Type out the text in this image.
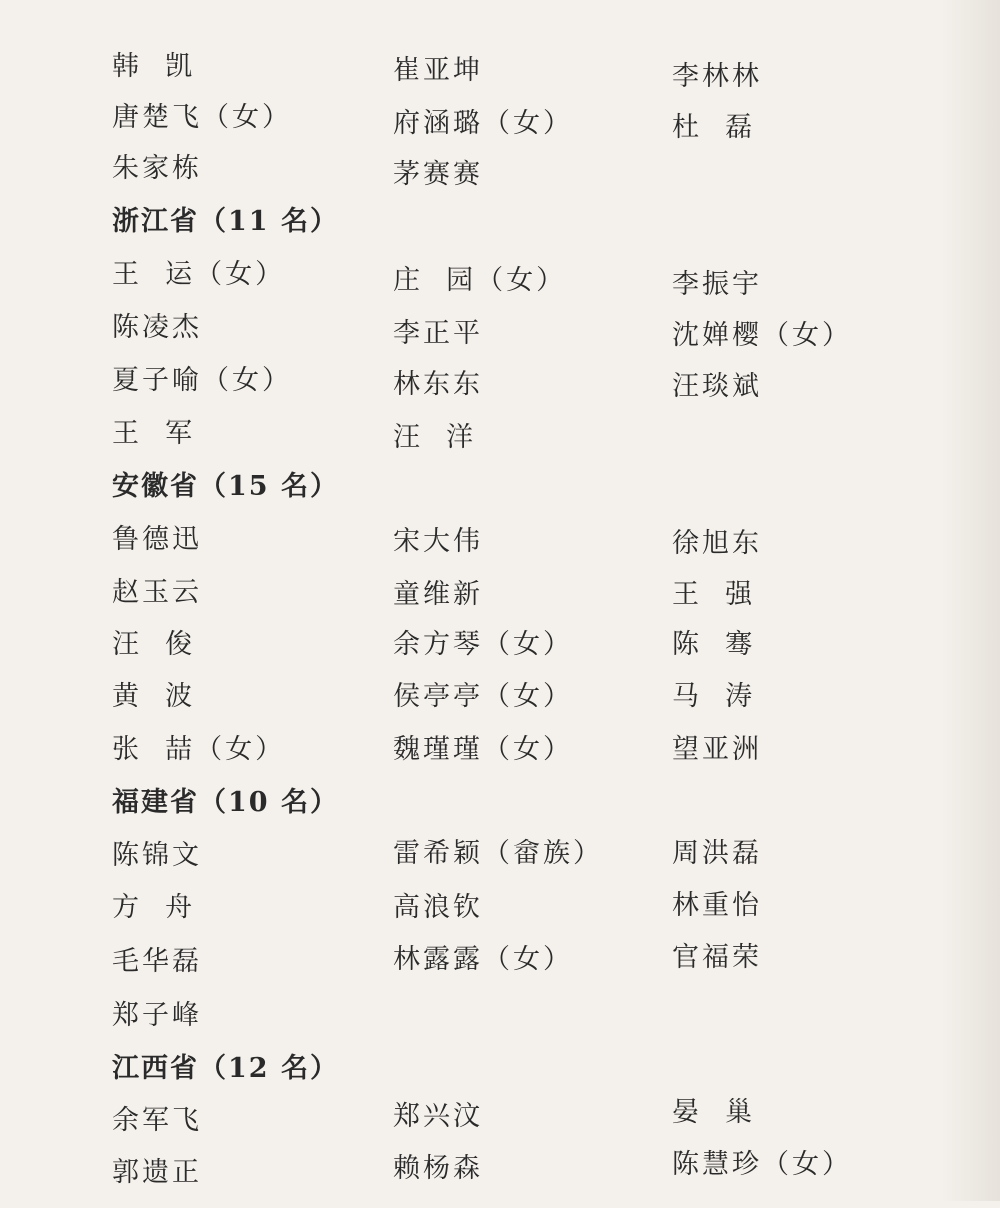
韩  凯	崔亚坤	李林林
唐楚飞（女）	府涵璐（女）	杜  磊
朱家栋	茅赛赛
浙江省（11 名）
王  运（女）	庄  园（女）	李振宇
陈凌杰	李正平	沈婵樱（女）
夏子喻（女）	林东东	汪琰斌
王  军	汪  洋
安徽省（15 名）
鲁德迅	宋大伟	徐旭东
赵玉云	童维新	王  强
汪  俊	余方琴（女）	陈  骞
黄  波	侯亭亭（女）	马  涛
张  喆（女）	魏瑾瑾（女）	望亚洲
福建省（10 名）
陈锦文	雷希颖（畲族）	周洪磊
方  舟	高浪钦	林重怡
毛华磊	林露露（女）	官福荣
郑子峰
江西省（12 名）
余军飞	郑兴汶	晏  巢
郭遗正	赖杨森	陈慧珍（女）
